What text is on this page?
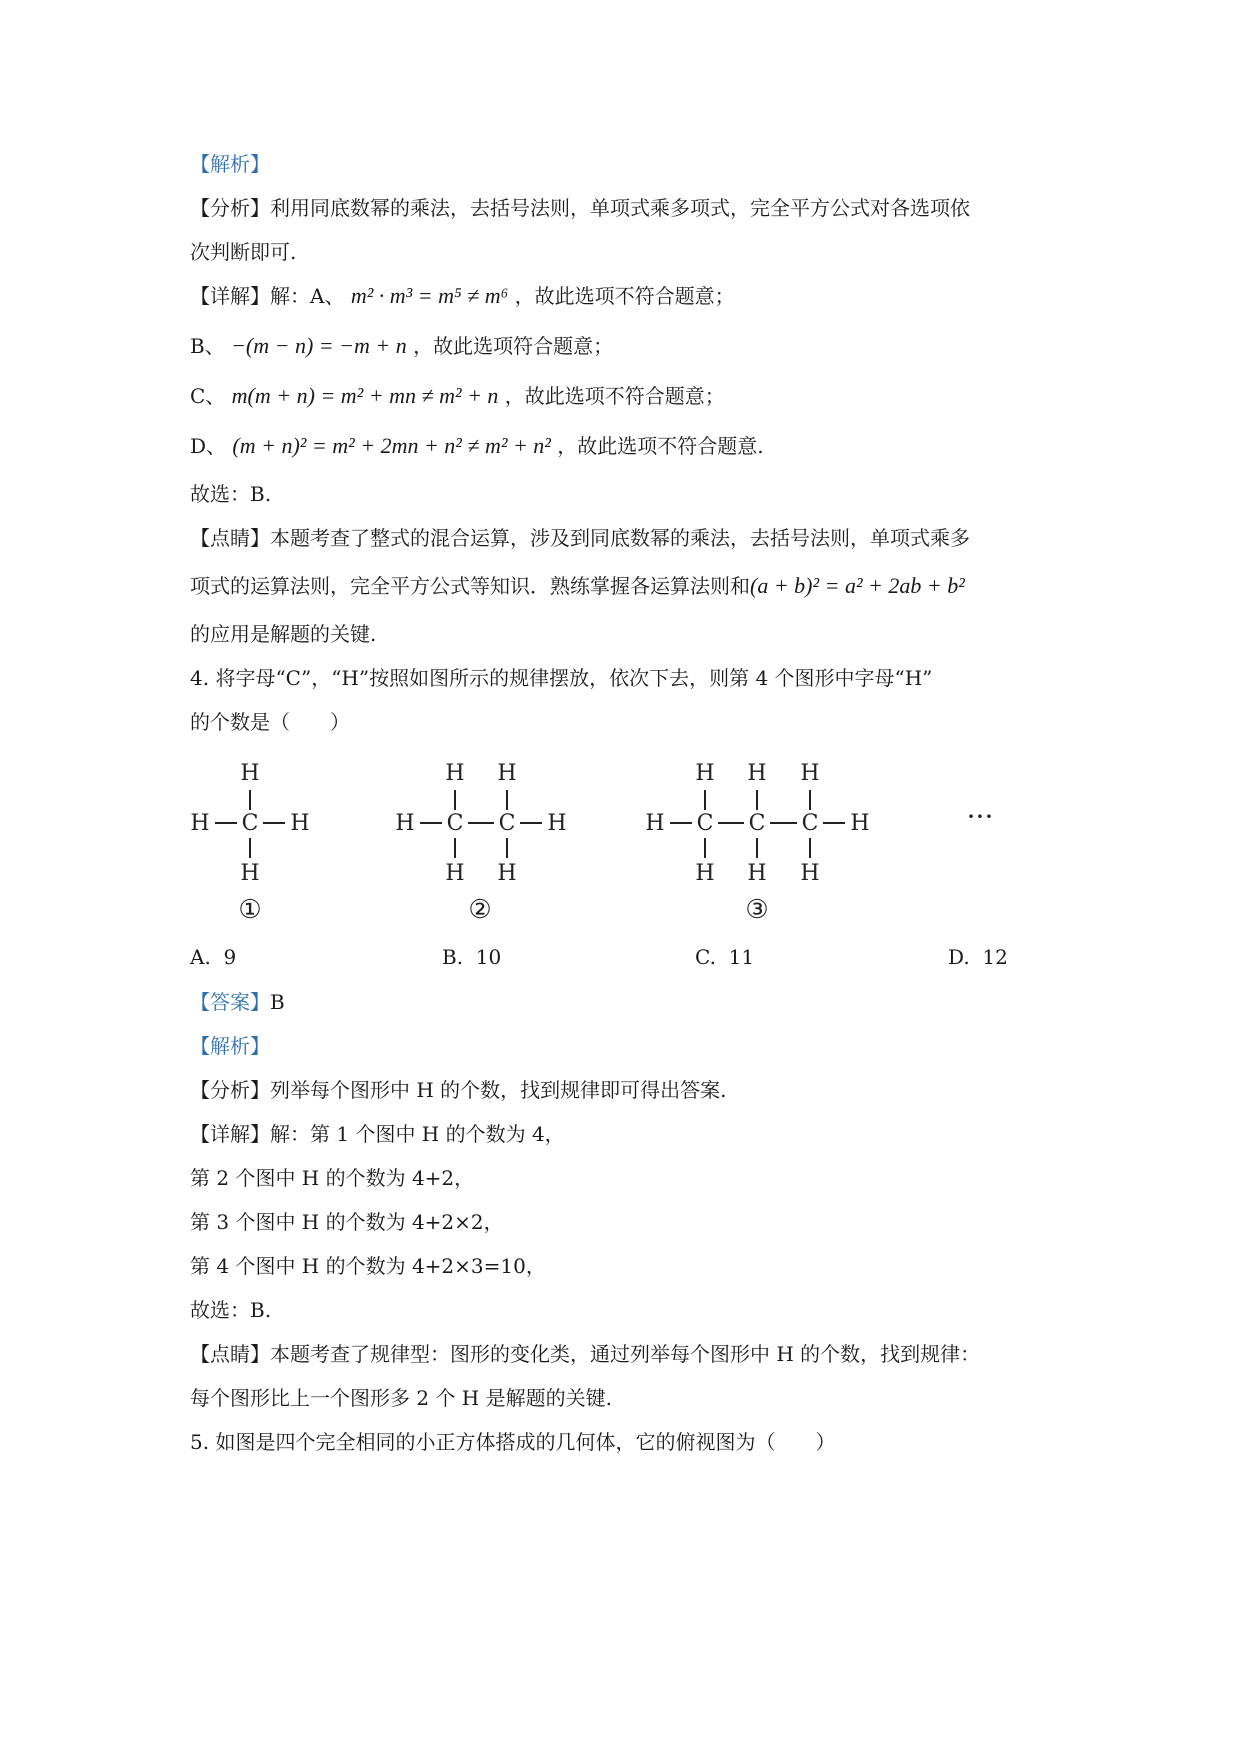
【解析】
【分析】利用同底数幂的乘法，去括号法则，单项式乘多项式，完全平方公式对各选项依
次判断即可.
【详解】解：A、 m² · m³ = m⁵ ≠ m⁶ ，故此选项不符合题意；
B、 −(m − n) = −m + n ，故此选项符合题意；
C、 m(m + n) = m² + mn ≠ m² + n ，故此选项不符合题意；
D、 (m + n)² = m² + 2mn + n² ≠ m² + n² ，故此选项不符合题意.
故选：B.
【点睛】本题考查了整式的混合运算，涉及到同底数幂的乘法，去括号法则，单项式乘多
项式的运算法则，完全平方公式等知识．熟练掌握各运算法则和(a + b)² = a² + 2ab + b²
的应用是解题的关键.
4. 将字母“C”，“H”按照如图所示的规律摆放，依次下去，则第 4 个图形中字母“H”
的个数是（　　）
H
H C H
H
①
H H
H C C H
H H
②
H H H
H C C C H
H H H
③
···
A. 9	B. 10	C. 11	D. 12
【答案】B
【解析】
【分析】列举每个图形中 H 的个数，找到规律即可得出答案.
【详解】解：第 1 个图中 H 的个数为 4，
第 2 个图中 H 的个数为 4+2，
第 3 个图中 H 的个数为 4+2×2，
第 4 个图中 H 的个数为 4+2×3=10，
故选：B.
【点睛】本题考查了规律型：图形的变化类，通过列举每个图形中 H 的个数，找到规律：
每个图形比上一个图形多 2 个 H 是解题的关键.
5. 如图是四个完全相同的小正方体搭成的几何体，它的俯视图为（　　）
